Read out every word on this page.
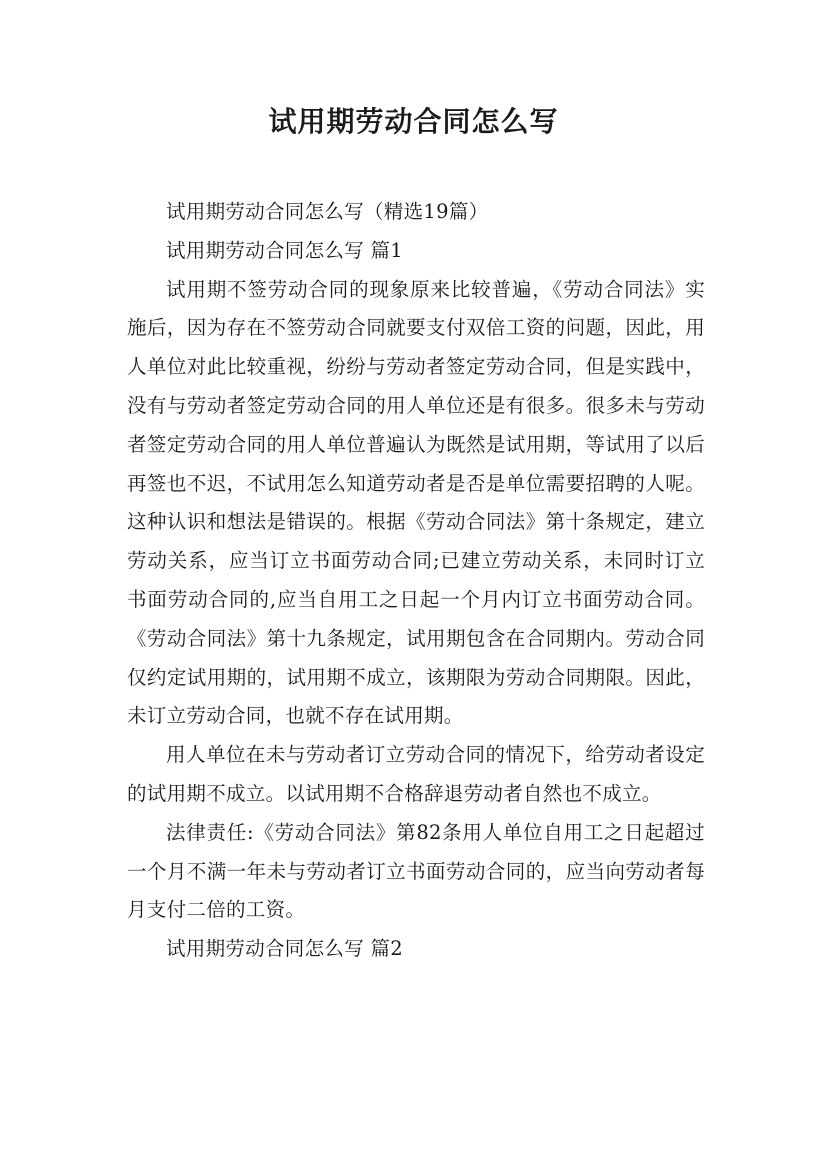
试用期劳动合同怎么写

试用期劳动合同怎么写（精选19篇）

试用期劳动合同怎么写 篇1

试用期不签劳动合同的现象原来比较普遍，《劳动合同法》实施后，因为存在不签劳动合同就要支付双倍工资的问题，因此，用人单位对此比较重视，纷纷与劳动者签定劳动合同，但是实践中，没有与劳动者签定劳动合同的用人单位还是有很多。很多未与劳动者签定劳动合同的用人单位普遍认为既然是试用期，等试用了以后再签也不迟，不试用怎么知道劳动者是否是单位需要招聘的人呢。这种认识和想法是错误的。根据《劳动合同法》第十条规定，建立劳动关系，应当订立书面劳动合同;已建立劳动关系，未同时订立书面劳动合同的,应当自用工之日起一个月内订立书面劳动合同。《劳动合同法》第十九条规定，试用期包含在合同期内。劳动合同仅约定试用期的，试用期不成立，该期限为劳动合同期限。因此，未订立劳动合同，也就不存在试用期。

用人单位在未与劳动者订立劳动合同的情况下，给劳动者设定的试用期不成立。以试用期不合格辞退劳动者自然也不成立。

法律责任:《劳动合同法》第82条用人单位自用工之日起超过一个月不满一年未与劳动者订立书面劳动合同的，应当向劳动者每月支付二倍的工资。

试用期劳动合同怎么写 篇2
